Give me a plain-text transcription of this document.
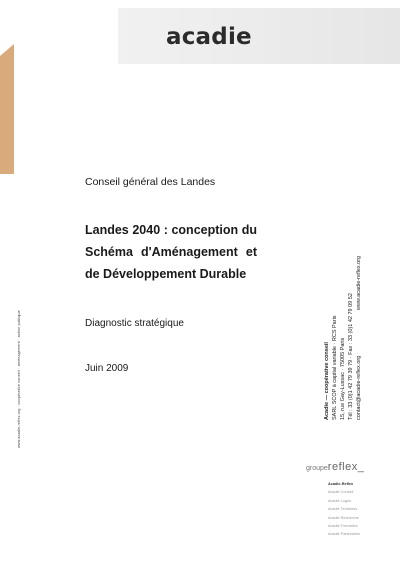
acadie
Conseil général des Landes
Landes 2040 : conception du Schéma d'Aménagement et de Développement Durable
Diagnostic stratégique
Juin 2009
www.acadie-reflex.org · coopérative conseil · aménagement · action publique	Acadie — coopérative conseil SARL SCOP à capital variable · RCS Paris 15, rue Gay-Lussac · 75005 Paris Tél : 33 (0)1 42 79 39 79 · Fax : 33 (0)1 42 79 09 52 contact@acadie-reflex.org
www.acadie-reflex.org
groupereflex_
Acadie-Reflex
Acadie Conseil
Acadie Logos
Acadie Territoires
Acadie Recherche
Acadie Formation
Acadie Partenaires
